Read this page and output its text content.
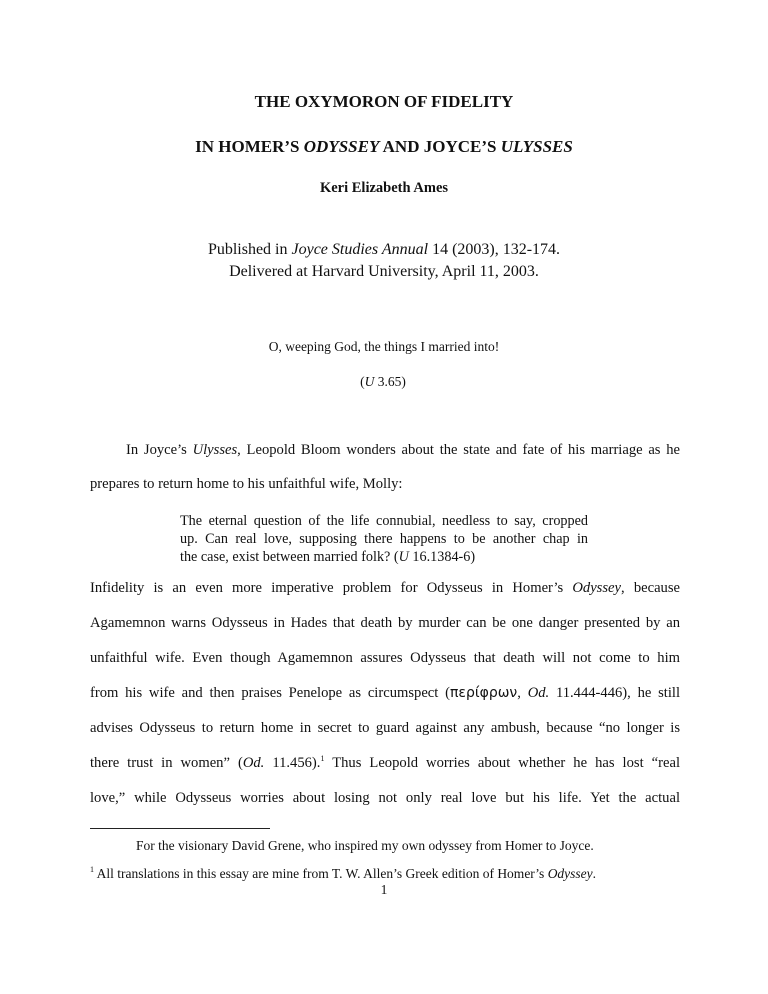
THE OXYMORON OF FIDELITY
IN HOMER’S ODYSSEY AND JOYCE’S ULYSSES
Keri Elizabeth Ames
Published in Joyce Studies Annual 14 (2003), 132-174.
Delivered at Harvard University, April 11, 2003.
O, weeping God, the things I married into!
(U 3.65)
In Joyce’s Ulysses, Leopold Bloom wonders about the state and fate of his marriage as he
prepares to return home to his unfaithful wife, Molly:
The eternal question of the life connubial, needless to say, cropped
up. Can real love, supposing there happens to be another chap in
the case, exist between married folk? (U 16.1384-6)
Infidelity is an even more imperative problem for Odysseus in Homer’s Odyssey, because
Agamemnon warns Odysseus in Hades that death by murder can be one danger presented by an
unfaithful wife. Even though Agamemnon assures Odysseus that death will not come to him
from his wife and then praises Penelope as circumspect (περίφρων, Od. 11.444-446), he still
advises Odysseus to return home in secret to guard against any ambush, because “no longer is
there trust in women” (Od. 11.456).$^1$ Thus Leopold worries about whether he has lost “real
love,” while Odysseus worries about losing not only real love but his life. Yet the actual
For the visionary David Grene, who inspired my own odyssey from Homer to Joyce.
$^1$ All translations in this essay are mine from T. W. Allen’s Greek edition of Homer’s Odyssey.
1
